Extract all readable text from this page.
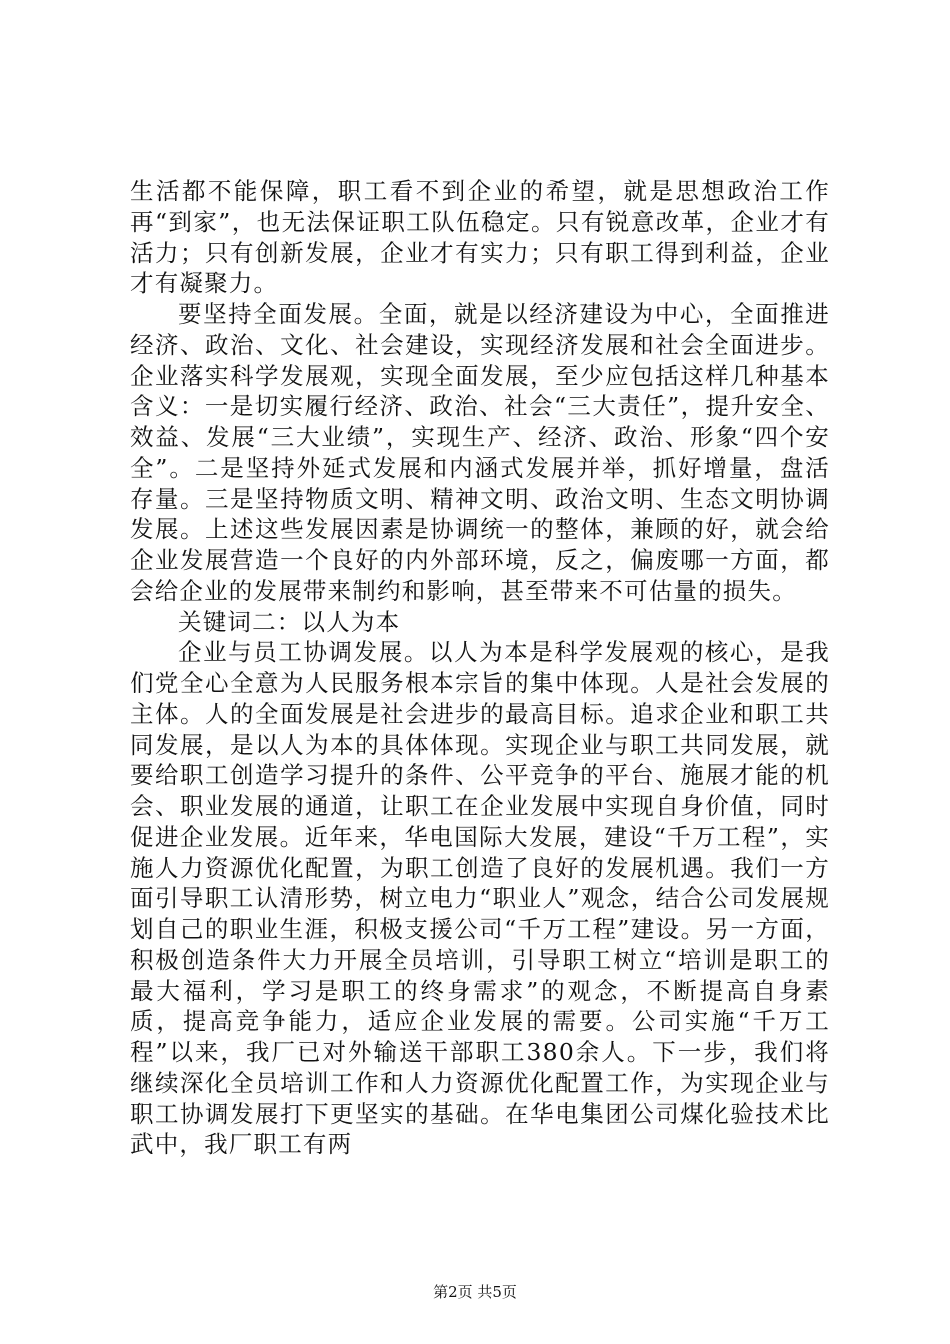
生活都不能保障，职工看不到企业的希望，就是思想政治工作再“到家”，也无法保证职工队伍稳定。只有锐意改革，企业才有活力；只有创新发展，企业才有实力；只有职工得到利益，企业才有凝聚力。

要坚持全面发展。全面，就是以经济建设为中心，全面推进经济、政治、文化、社会建设，实现经济发展和社会全面进步。企业落实科学发展观，实现全面发展，至少应包括这样几种基本含义：一是切实履行经济、政治、社会“三大责任”，提升安全、效益、发展“三大业绩”，实现生产、经济、政治、形象“四个安全”。二是坚持外延式发展和内涵式发展并举，抓好增量，盘活存量。三是坚持物质文明、精神文明、政治文明、生态文明协调发展。上述这些发展因素是协调统一的整体，兼顾的好，就会给企业发展营造一个良好的内外部环境，反之，偏废哪一方面，都会给企业的发展带来制约和影响，甚至带来不可估量的损失。

关键词二：以人为本

企业与员工协调发展。以人为本是科学发展观的核心，是我们党全心全意为人民服务根本宗旨的集中体现。人是社会发展的主体。人的全面发展是社会进步的最高目标。追求企业和职工共同发展，是以人为本的具体体现。实现企业与职工共同发展，就要给职工创造学习提升的条件、公平竞争的平台、施展才能的机会、职业发展的通道，让职工在企业发展中实现自身价值，同时促进企业发展。近年来，华电国际大发展，建设“千万工程”，实施人力资源优化配置，为职工创造了良好的发展机遇。我们一方面引导职工认清形势，树立电力“职业人”观念，结合公司发展规划自己的职业生涯，积极支援公司“千万工程”建设。另一方面，积极创造条件大力开展全员培训，引导职工树立“培训是职工的最大福利，学习是职工的终身需求”的观念，不断提高自身素质，提高竞争能力，适应企业发展的需要。公司实施“千万工程”以来，我厂已对外输送干部职工380余人。下一步，我们将继续深化全员培训工作和人力资源优化配置工作，为实现企业与职工协调发展打下更坚实的基础。在华电集团公司煤化验技术比武中，我厂职工有两

第2页 共5页
